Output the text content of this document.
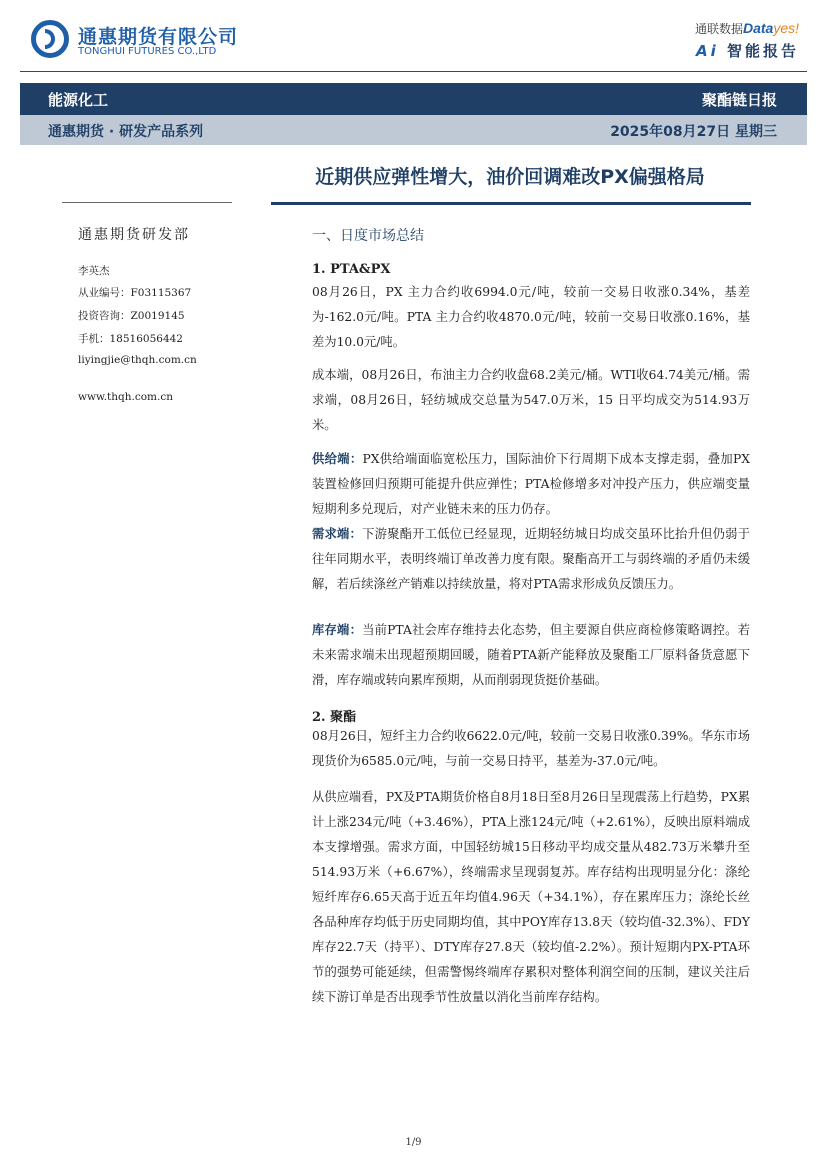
通惠期货有限公司
TONGHUI FUTURES CO.,LTD
通联数据Datayes!
Ai 智能报告
能源化工	聚酯链日报
通惠期货 · 研发产品系列	2025年08月27日 星期三
近期供应弹性增大，油价回调难改PX偏强格局
通惠期货研发部
李英杰
从业编号：F03115367
投资咨询：Z0019145
手机：18516056442
liyingjie@thqh.com.cn
www.thqh.com.cn
一、日度市场总结
1. PTA&PX
08月26日，PX 主力合约收6994.0元/吨，较前一交易日收涨0.34%，基差为-162.0元/吨。PTA 主力合约收4870.0元/吨，较前一交易日收涨0.16%，基差为10.0元/吨。
成本端，08月26日，布油主力合约收盘68.2美元/桶。WTI收64.74美元/桶。需求端，08月26日，轻纺城成交总量为547.0万米，15 日平均成交为514.93万米。
供给端：PX供给端面临宽松压力，国际油价下行周期下成本支撑走弱，叠加PX装置检修回归预期可能提升供应弹性；PTA检修增多对冲投产压力，供应端变量短期利多兑现后，对产业链未来的压力仍存。
需求端：下游聚酯开工低位已经显现，近期轻纺城日均成交虽环比抬升但仍弱于往年同期水平，表明终端订单改善力度有限。聚酯高开工与弱终端的矛盾仍未缓解，若后续涤丝产销难以持续放量，将对PTA需求形成负反馈压力。
库存端：当前PTA社会库存维持去化态势，但主要源自供应商检修策略调控。若未来需求端未出现超预期回暖，随着PTA新产能释放及聚酯工厂原料备货意愿下滑，库存端或转向累库预期，从而削弱现货挺价基础。
2. 聚酯
08月26日，短纤主力合约收6622.0元/吨，较前一交易日收涨0.39%。华东市场现货价为6585.0元/吨，与前一交易日持平，基差为-37.0元/吨。
从供应端看，PX及PTA期货价格自8月18日至8月26日呈现震荡上行趋势，PX累计上涨234元/吨（+3.46%），PTA上涨124元/吨（+2.61%），反映出原料端成本支撑增强。需求方面，中国轻纺城15日移动平均成交量从482.73万米攀升至514.93万米（+6.67%），终端需求呈现弱复苏。库存结构出现明显分化：涤纶短纤库存6.65天高于近五年均值4.96天（+34.1%），存在累库压力；涤纶长丝各品种库存均低于历史同期均值，其中POY库存13.8天（较均值-32.3%）、FDY库存22.7天（持平）、DTY库存27.8天（较均值-2.2%）。预计短期内PX-PTA环节的强势可能延续，但需警惕终端库存累积对整体利润空间的压制，建议关注后续下游订单是否出现季节性放量以消化当前库存结构。
1/9
